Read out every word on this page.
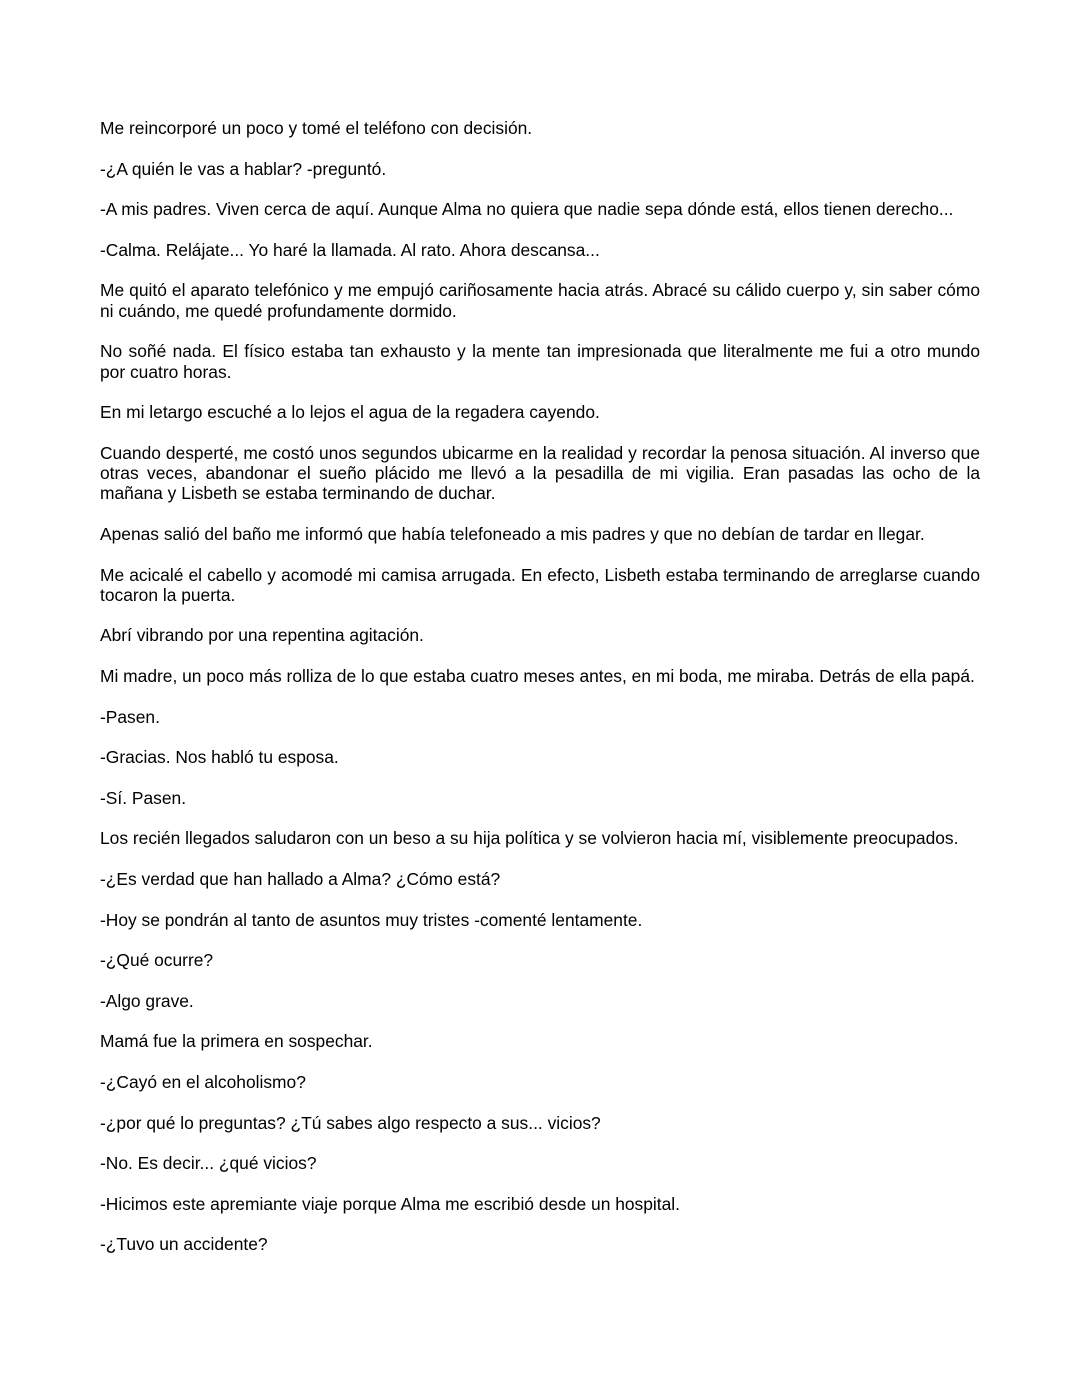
Me reincorporé un poco y tomé el teléfono con decisión.

-¿A quién le vas a hablar? -preguntó.

-A mis padres. Viven cerca de aquí. Aunque Alma no quiera que nadie sepa dónde está, ellos tienen derecho...

-Calma. Relájate... Yo haré la llamada. Al rato. Ahora descansa...

Me quitó el aparato telefónico y me empujó cariñosamente hacia atrás. Abracé su cálido cuerpo y, sin saber cómo ni cuándo, me quedé profundamente dormido.

No soñé nada. El físico estaba tan exhausto y la mente tan impresionada que literalmente me fui a otro mundo por cuatro horas.

En mi letargo escuché a lo lejos el agua de la regadera cayendo.

Cuando desperté, me costó unos segundos ubicarme en la realidad y recordar la penosa situación. Al inverso que otras veces, abandonar el sueño plácido me llevó a la pesadilla de mi vigilia. Eran pasadas las ocho de la mañana y Lisbeth se estaba terminando de duchar.

Apenas salió del baño me informó que había telefoneado a mis padres y que no debían de tardar en llegar.

Me acicalé el cabello y acomodé mi camisa arrugada. En efecto, Lisbeth estaba terminando de arreglarse cuando tocaron la puerta.

Abrí vibrando por una repentina agitación.

Mi madre, un poco más rolliza de lo que estaba cuatro meses antes, en mi boda, me miraba. Detrás de ella papá.

-Pasen.

-Gracias. Nos habló tu esposa.

-Sí. Pasen.

Los recién llegados saludaron con un beso a su hija política y se volvieron hacia mí, visiblemente preocupados.

-¿Es verdad que han hallado a Alma? ¿Cómo está?

-Hoy se pondrán al tanto de asuntos muy tristes -comenté lentamente.

-¿Qué ocurre?

-Algo grave.

Mamá fue la primera en sospechar.

-¿Cayó en el alcoholismo?

-¿por qué lo preguntas? ¿Tú sabes algo respecto a sus... vicios?

-No. Es decir... ¿qué vicios?

-Hicimos este apremiante viaje porque Alma me escribió desde un hospital.

-¿Tuvo un accidente?
